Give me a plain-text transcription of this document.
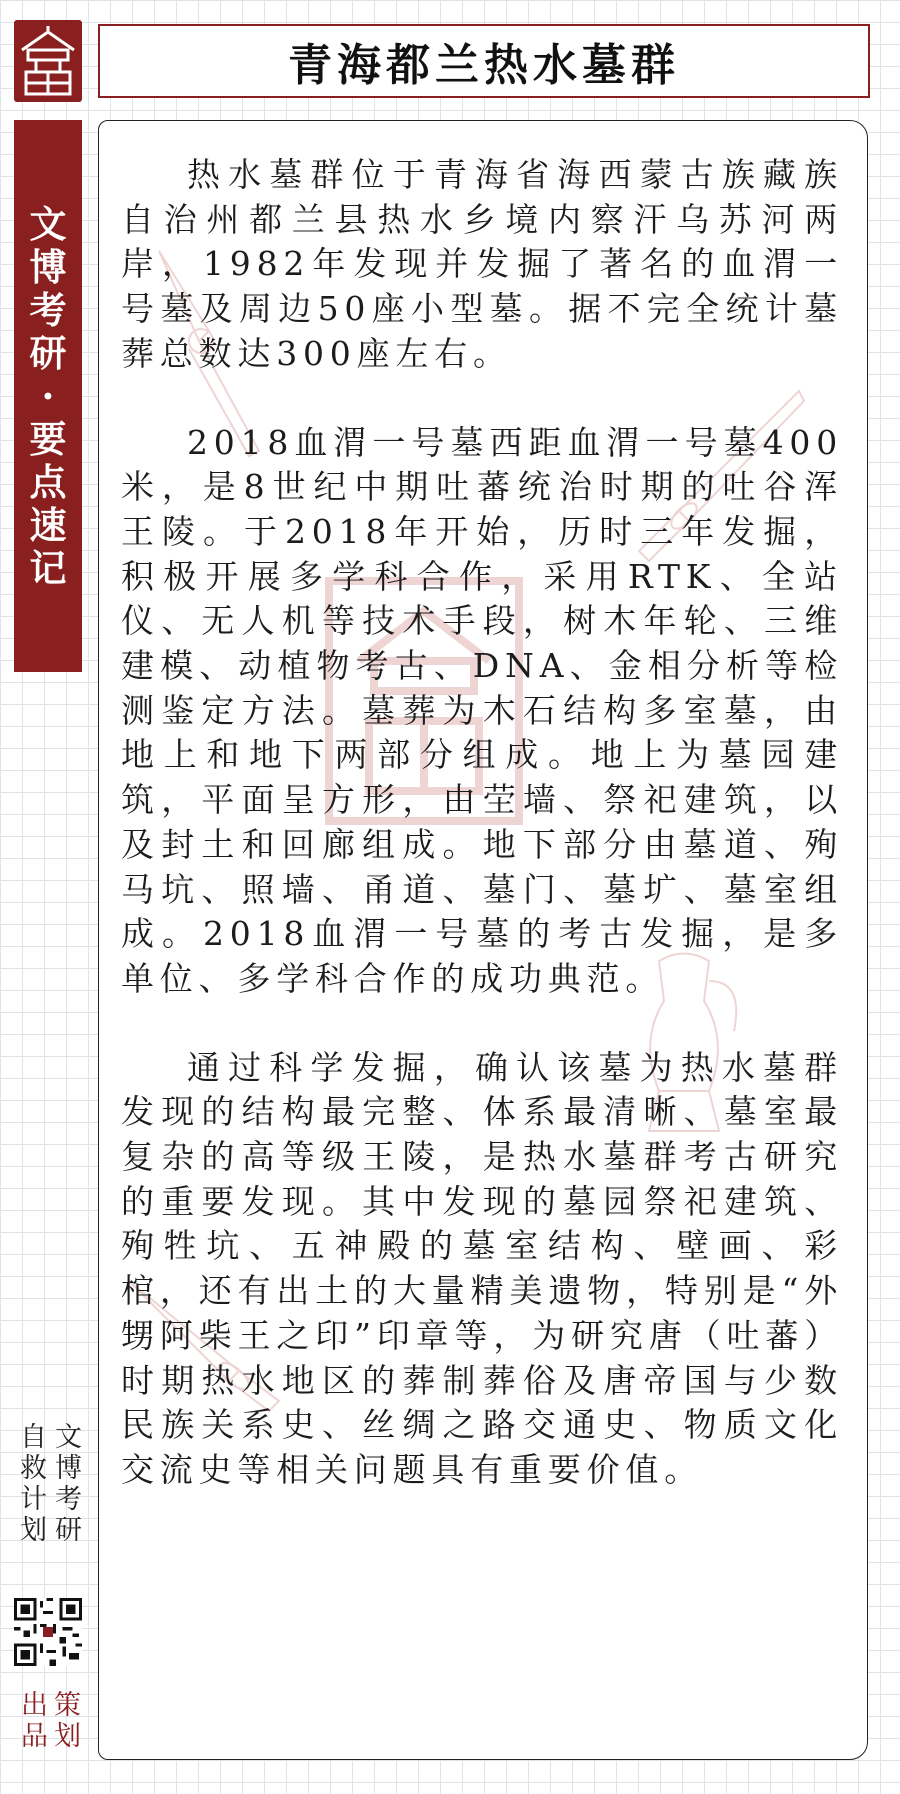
文
博
考
研
·
要
点
速
记
青海都兰热水墓群

热水墓群位于青海省海西蒙古族藏族自治州都兰县热水乡境内察汗乌苏河两岸，1982年发现并发掘了著名的血渭一号墓及周边50座小型墓。据不完全统计墓葬总数达300座左右。

2018血渭一号墓西距血渭一号墓400米，是8世纪中期吐蕃统治时期的吐谷浑王陵。于2018年开始，历时三年发掘，积极开展多学科合作，采用RTK、全站仪、无人机等技术手段，树木年轮、三维建模、动植物考古、DNA、金相分析等检测鉴定方法。墓葬为木石结构多室墓，由地上和地下两部分组成。地上为墓园建筑，平面呈方形，由茔墙、祭祀建筑，以及封土和回廊组成。地下部分由墓道、殉马坑、照墙、甬道、墓门、墓圹、墓室组成。2018血渭一号墓的考古发掘，是多单位、多学科合作的成功典范。

通过科学发掘，确认该墓为热水墓群发现的结构最完整、体系最清晰、墓室最复杂的高等级王陵，是热水墓群考古研究的重要发现。其中发现的墓园祭祀建筑、殉牲坑、五神殿的墓室结构、壁画、彩棺，还有出土的大量精美遗物，特别是“外甥阿柴王之印”印章等，为研究唐（吐蕃）时期热水地区的葬制葬俗及唐帝国与少数民族关系史、丝绸之路交通史、物质文化交流史等相关问题具有重要价值。

文博考研
自救计划
策划
出品
